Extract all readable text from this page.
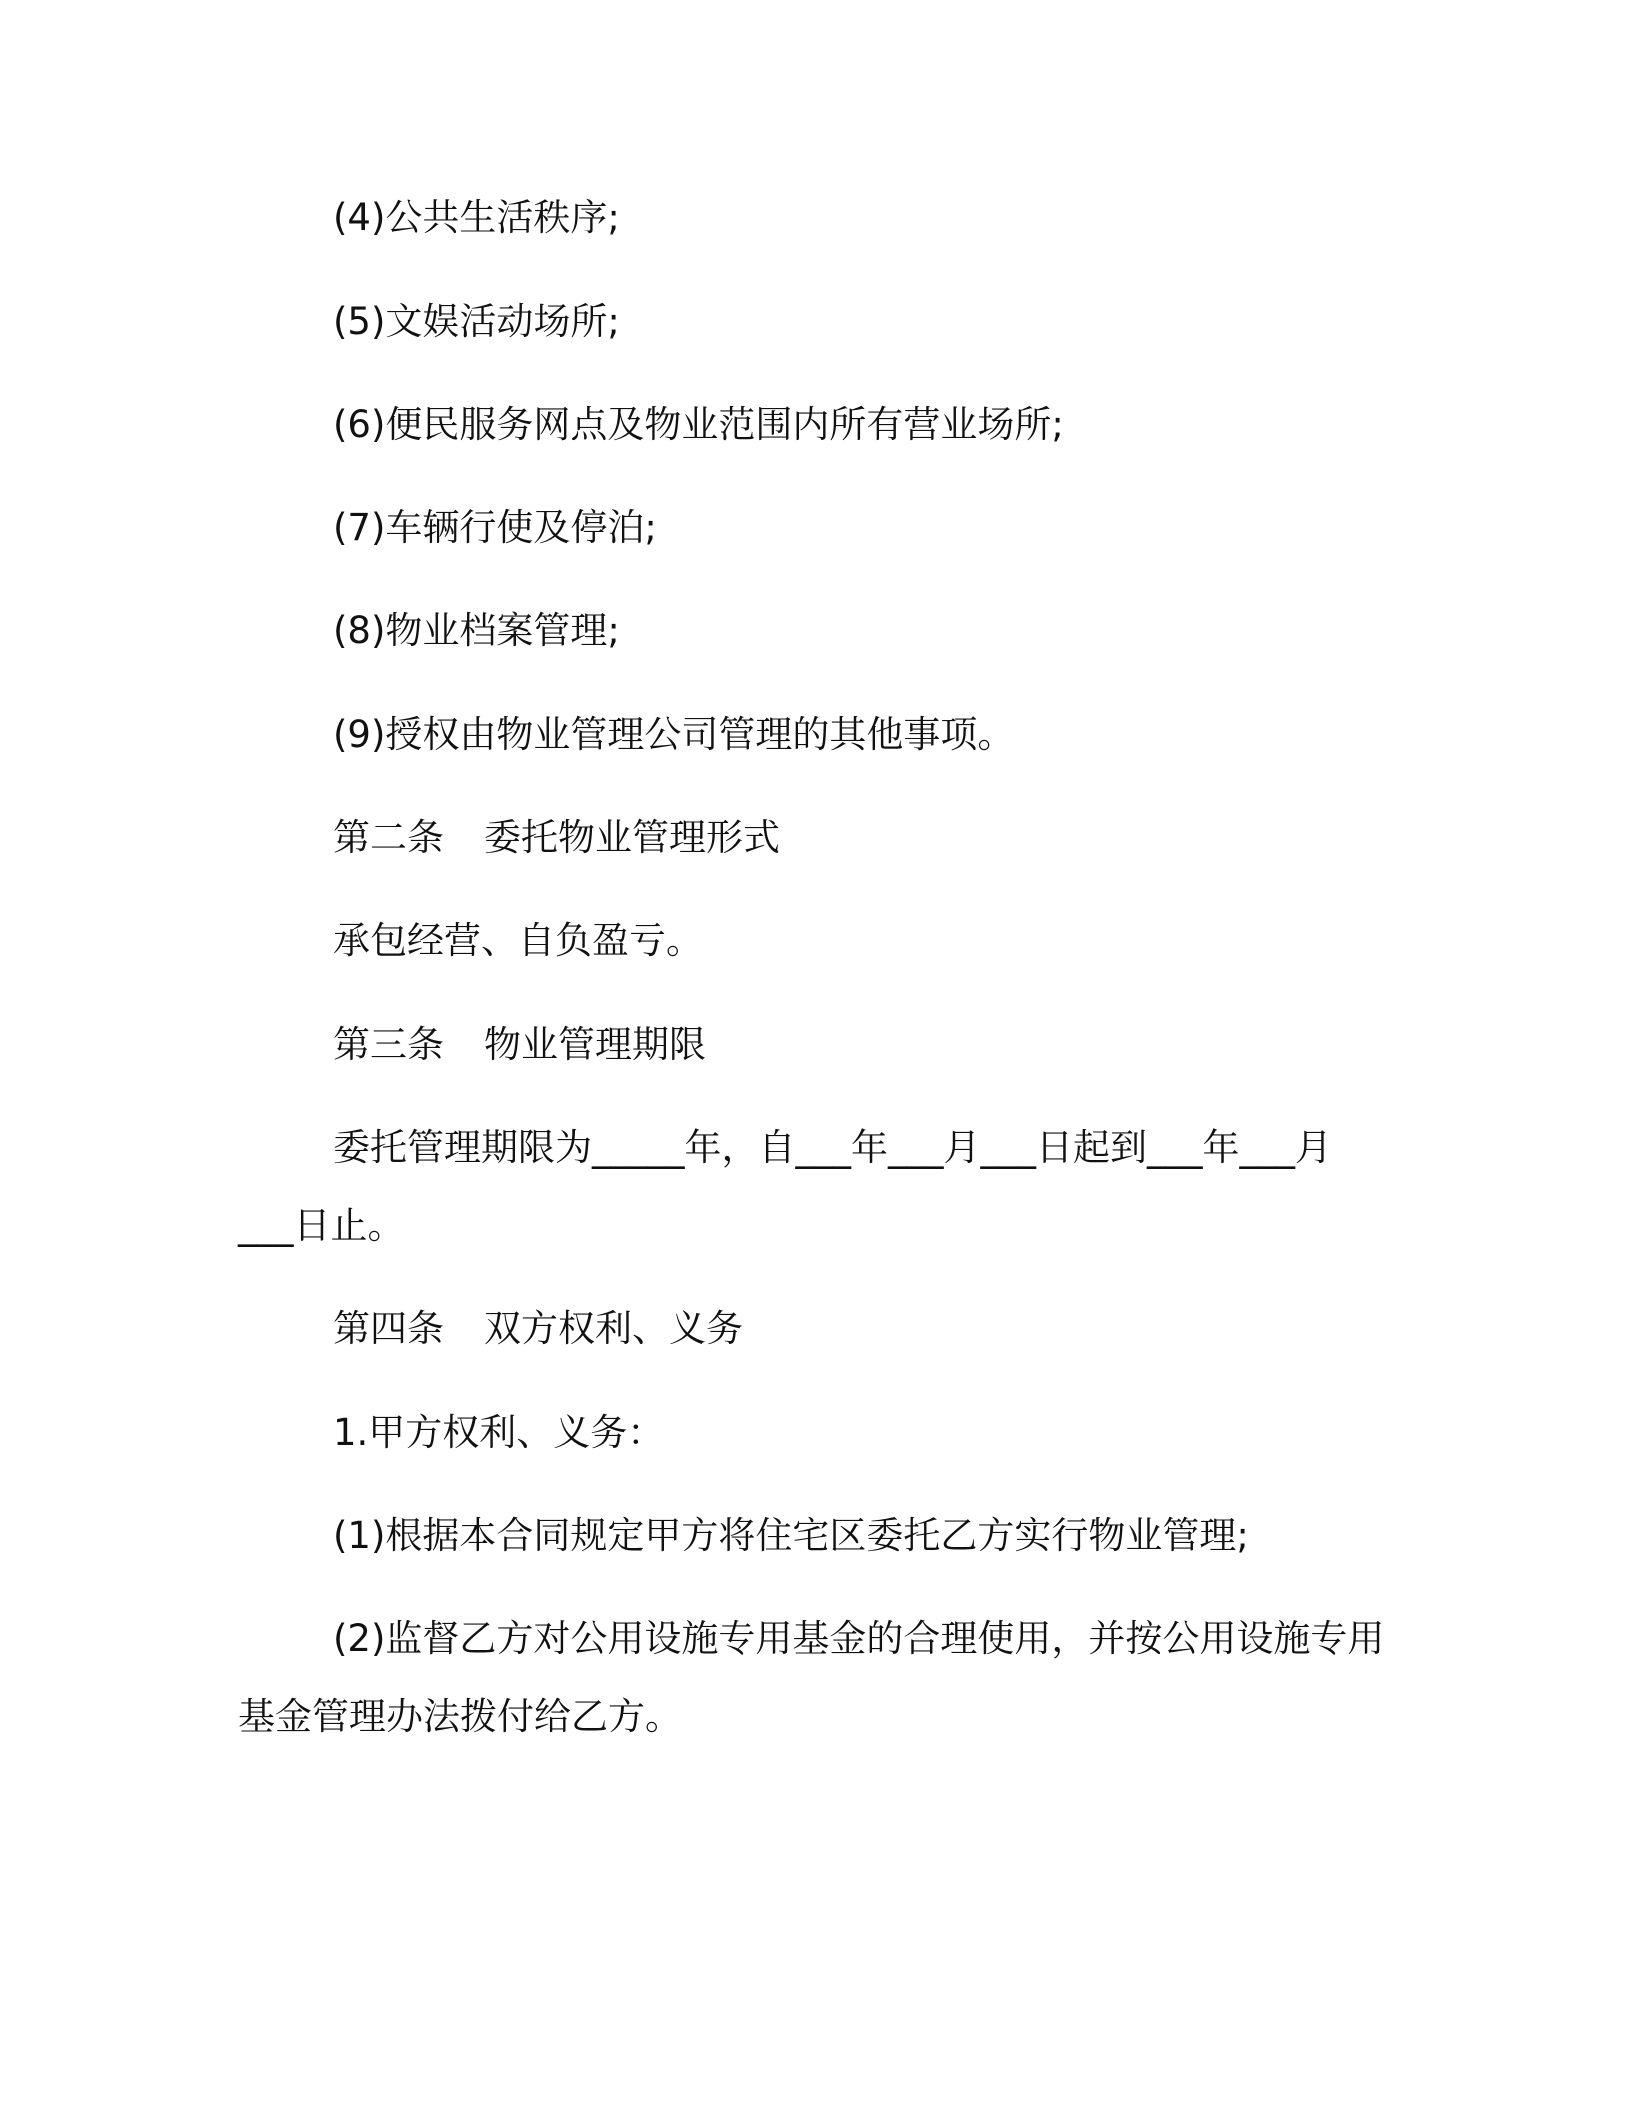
(4)公共生活秩序;
(5)文娱活动场所;
(6)便民服务网点及物业范围内所有营业场所;
(7)车辆行使及停泊;
(8)物业档案管理;
(9)授权由物业管理公司管理的其他事项。
第二条 委托物业管理形式
承包经营、自负盈亏。
第三条 物业管理期限
委托管理期限为_____年，自___年___月___日起到___年___月
___日止。
第四条 双方权利、义务
1.甲方权利、义务：
(1)根据本合同规定甲方将住宅区委托乙方实行物业管理;
(2)监督乙方对公用设施专用基金的合理使用，并按公用设施专用
基金管理办法拨付给乙方。
